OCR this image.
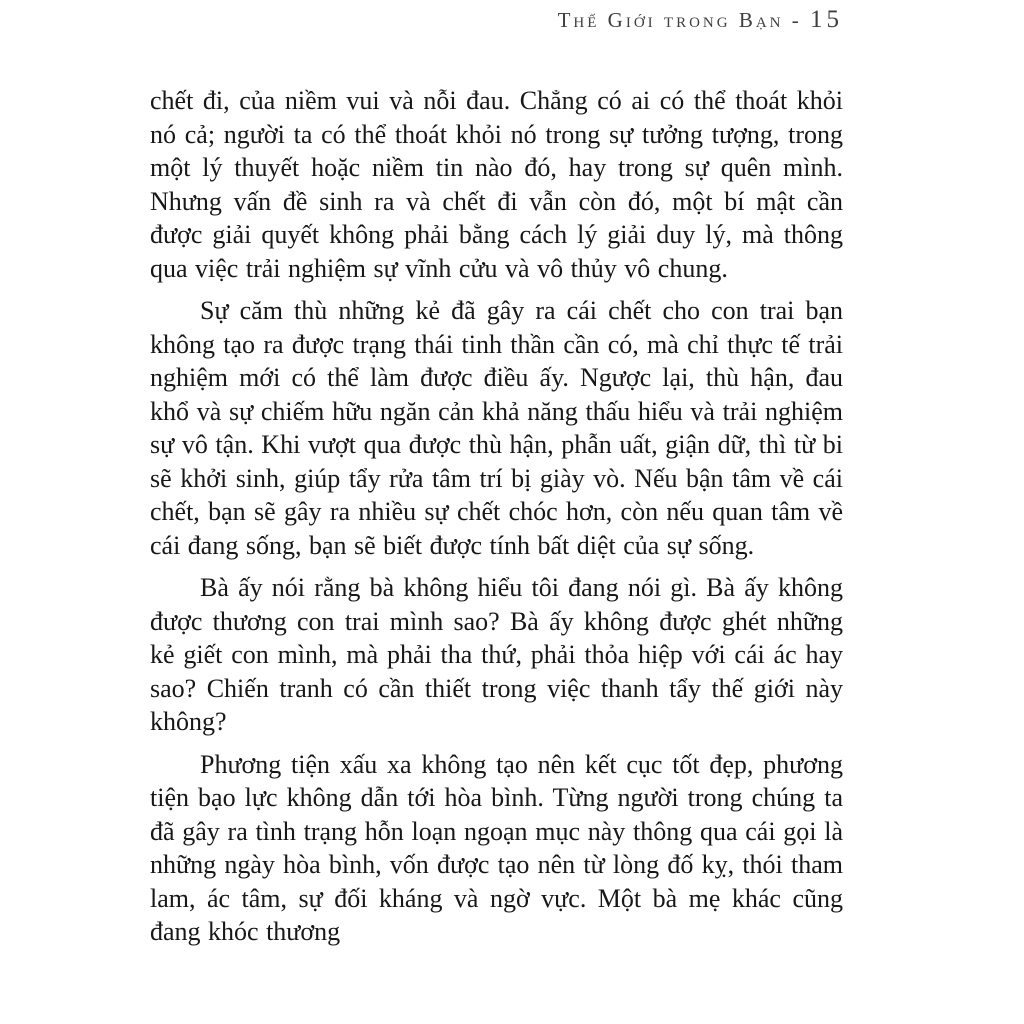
Thế Giới trong Bạn - 15

chết đi, của niềm vui và nỗi đau. Chẳng có ai có thể thoát khỏi nó cả; người ta có thể thoát khỏi nó trong sự tưởng tượng, trong một lý thuyết hoặc niềm tin nào đó, hay trong sự quên mình. Nhưng vấn đề sinh ra và chết đi vẫn còn đó, một bí mật cần được giải quyết không phải bằng cách lý giải duy lý, mà thông qua việc trải nghiệm sự vĩnh cửu và vô thủy vô chung.

Sự căm thù những kẻ đã gây ra cái chết cho con trai bạn không tạo ra được trạng thái tinh thần cần có, mà chỉ thực tế trải nghiệm mới có thể làm được điều ấy. Ngược lại, thù hận, đau khổ và sự chiếm hữu ngăn cản khả năng thấu hiểu và trải nghiệm sự vô tận. Khi vượt qua được thù hận, phẫn uất, giận dữ, thì từ bi sẽ khởi sinh, giúp tẩy rửa tâm trí bị giày vò. Nếu bận tâm về cái chết, bạn sẽ gây ra nhiều sự chết chóc hơn, còn nếu quan tâm về cái đang sống, bạn sẽ biết được tính bất diệt của sự sống.

Bà ấy nói rằng bà không hiểu tôi đang nói gì. Bà ấy không được thương con trai mình sao? Bà ấy không được ghét những kẻ giết con mình, mà phải tha thứ, phải thỏa hiệp với cái ác hay sao? Chiến tranh có cần thiết trong việc thanh tẩy thế giới này không?

Phương tiện xấu xa không tạo nên kết cục tốt đẹp, phương tiện bạo lực không dẫn tới hòa bình. Từng người trong chúng ta đã gây ra tình trạng hỗn loạn ngoạn mục này thông qua cái gọi là những ngày hòa bình, vốn được tạo nên từ lòng đố kỵ, thói tham lam, ác tâm, sự đối kháng và ngờ vực. Một bà mẹ khác cũng đang khóc thương
